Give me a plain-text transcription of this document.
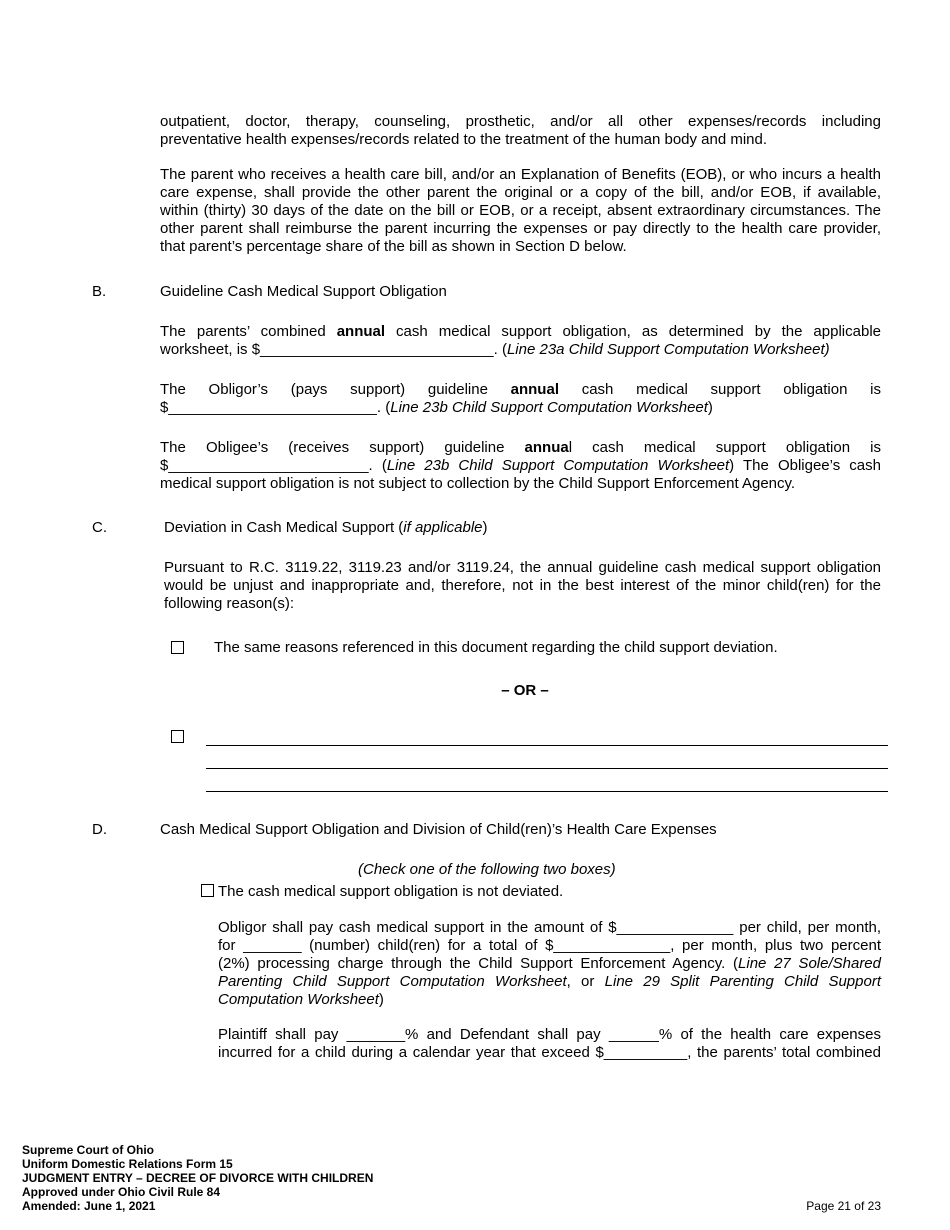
outpatient, doctor, therapy, counseling, prosthetic, and/or all other expenses/records including
preventative health expenses/records related to the treatment of the human body and mind.
The parent who receives a health care bill, and/or an Explanation of Benefits (EOB), or who incurs a health
care expense, shall provide the other parent the original or a copy of the bill, and/or EOB, if available,
within (thirty) 30 days of the date on the bill or EOB, or a receipt, absent extraordinary circumstances. The
other parent shall reimburse the parent incurring the expenses or pay directly to the health care provider,
that parent’s percentage share of the bill as shown in Section D below.
B.	Guideline Cash Medical Support Obligation
The parents’ combined annual cash medical support obligation, as determined by the applicable
worksheet, is $____________________________. (Line 23a Child Support Computation Worksheet)
The Obligor’s (pays support) guideline annual cash medical support obligation is
$_________________________. (Line 23b Child Support Computation Worksheet)
The Obligee’s (receives support) guideline annual cash medical support obligation is
$________________________. (Line 23b Child Support Computation Worksheet) The Obligee’s cash
medical support obligation is not subject to collection by the Child Support Enforcement Agency.
C.	Deviation in Cash Medical Support (if applicable)
Pursuant to R.C. 3119.22, 3119.23 and/or 3119.24, the annual guideline cash medical support obligation
would be unjust and inappropriate and, therefore, not in the best interest of the minor child(ren) for the
following reason(s):
The same reasons referenced in this document regarding the child support deviation.
– OR –
D.	Cash Medical Support Obligation and Division of Child(ren)’s Health Care Expenses
(Check one of the following two boxes)
The cash medical support obligation is not deviated.
Obligor shall pay cash medical support in the amount of $______________ per child, per month,
for _______ (number) child(ren) for a total of $______________, per month, plus two percent
(2%) processing charge through the Child Support Enforcement Agency. (Line 27 Sole/Shared
Parenting Child Support Computation Worksheet, or Line 29 Split Parenting Child Support
Computation Worksheet)
Plaintiff shall pay _______% and Defendant shall pay ______% of the health care expenses
incurred for a child during a calendar year that exceed $__________, the parents’ total combined
Supreme Court of Ohio
Uniform Domestic Relations Form 15
JUDGMENT ENTRY – DECREE OF DIVORCE WITH CHILDREN
Approved under Ohio Civil Rule 84
Amended: June 1, 2021	Page 21 of 23
